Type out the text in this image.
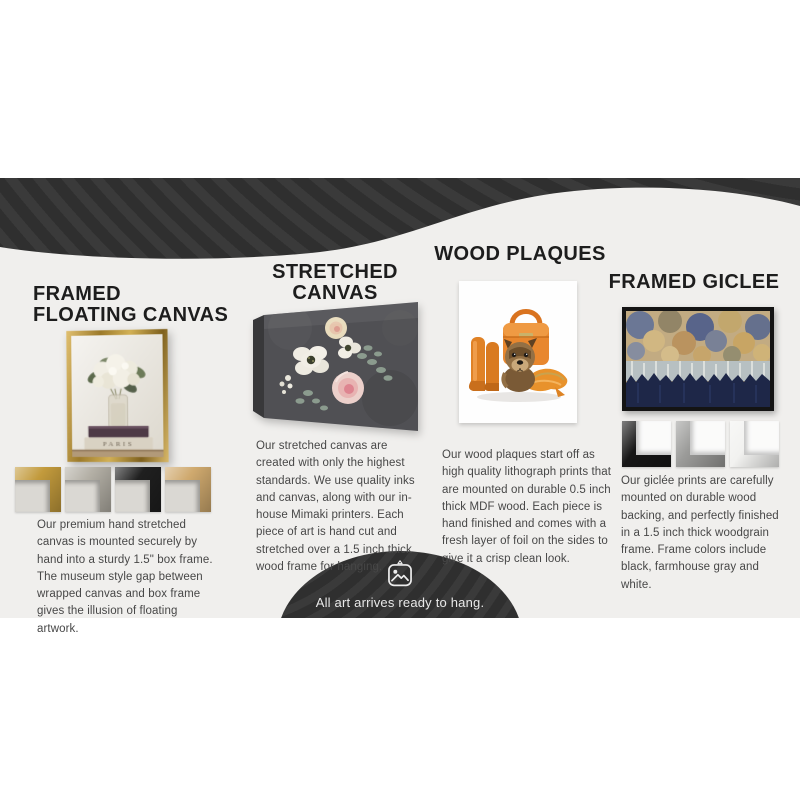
All art arrives ready to hang.
FRAMED
FLOATING CANVAS
PARIS

Our premium hand stretched canvas is mounted securely by hand into a sturdy 1.5" box frame. The museum style gap between wrapped canvas and box frame gives the illusion of floating artwork.

STRETCHED
CANVAS

Our stretched canvas are created with only the highest standards. We use quality inks and canvas, along with our in-house Mimaki printers. Each piece of art is hand cut and stretched over a 1.5 inch thick wood frame for hanging.

WOOD PLAQUES

Our wood plaques start off as high quality lithograph prints that are mounted on durable 0.5 inch thick MDF wood. Each piece is hand finished and comes with a fresh layer of foil on the sides to give it a crisp clean look.

FRAMED GICLEE

Our giclée prints are carefully mounted on durable wood backing, and perfectly finished in a 1.5 inch thick woodgrain frame. Frame colors include black, farmhouse gray and white.
